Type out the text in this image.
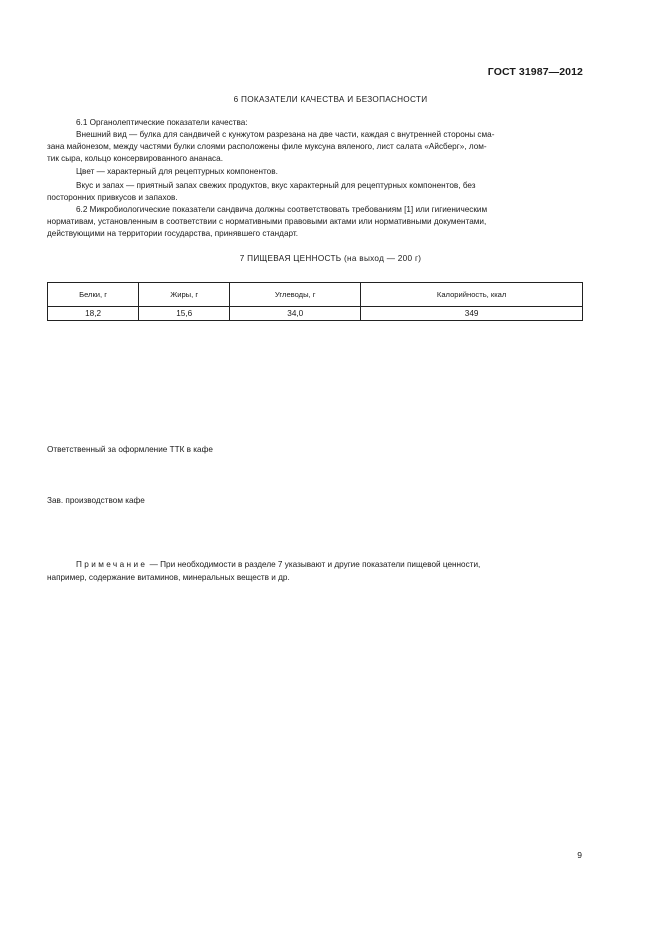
ГОСТ 31987—2012
6 ПОКАЗАТЕЛИ КАЧЕСТВА И БЕЗОПАСНОСТИ
6.1 Органолептические показатели качества:
Внешний вид — булка для сандвичей с кунжутом разрезана на две части, каждая с внутренней стороны сма-
зана майонезом, между частями булки слоями расположены филе муксуна вяленого, лист салата «Айсберг», лом-
тик сыра, кольцо консервированного ананаса.
Цвет — характерный для рецептурных компонентов.
Вкус и запах — приятный запах свежих продуктов, вкус характерный для рецептурных компонентов, без
посторонних привкусов и запахов.
6.2 Микробиологические показатели сандвича должны соответствовать требованиям [1] или гигиеническим
нормативам, установленным в соответствии с нормативными правовыми актами или нормативными документами,
действующими на территории государства, принявшего стандарт.
7 ПИЩЕВАЯ ЦЕННОСТЬ (на выход — 200 г)
Белки, г	Жиры, г	Углеводы, г	Калорийность, ккал
18,2	15,6	34,0	349
Ответственный за оформление ТТК в кафе
Зав. производством кафе
Примечание — При необходимости в разделе 7 указывают и другие показатели пищевой ценности,
например, содержание витаминов, минеральных веществ и др.
9
